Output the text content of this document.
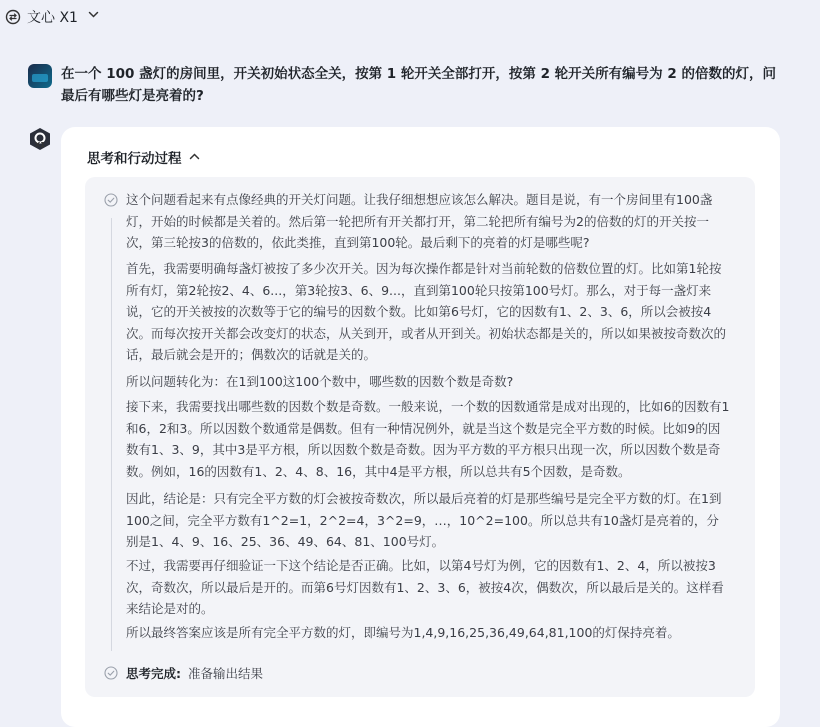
文心 X1
在一个 100 盏灯的房间里，开关初始状态全关，按第 1 轮开关全部打开，按第 2 轮开关所有编号为 2 的倍数的灯，问最后有哪些灯是亮着的?
X1
思考和行动过程

这个问题看起来有点像经典的开关灯问题。让我仔细想想应该怎么解决。题目是说，有一个房间里有100盏灯，开始的时候都是关着的。然后第一轮把所有开关都打开，第二轮把所有编号为2的倍数的灯的开关按一次，第三轮按3的倍数的，依此类推，直到第100轮。最后剩下的亮着的灯是哪些呢?

首先，我需要明确每盏灯被按了多少次开关。因为每次操作都是针对当前轮数的倍数位置的灯。比如第1轮按所有灯，第2轮按2、4、6...，第3轮按3、6、9...，直到第100轮只按第100号灯。那么，对于每一盏灯来说，它的开关被按的次数等于它的编号的因数个数。比如第6号灯，它的因数有1、2、3、6，所以会被按4次。而每次按开关都会改变灯的状态，从关到开，或者从开到关。初始状态都是关的，所以如果被按奇数次的话，最后就会是开的；偶数次的话就是关的。

所以问题转化为：在1到100这100个数中，哪些数的因数个数是奇数?

接下来，我需要找出哪些数的因数个数是奇数。一般来说，一个数的因数通常是成对出现的，比如6的因数有1和6，2和3。所以因数个数通常是偶数。但有一种情况例外，就是当这个数是完全平方数的时候。比如9的因数有1、3、9，其中3是平方根，所以因数个数是奇数。因为平方数的平方根只出现一次，所以因数个数是奇数。例如，16的因数有1、2、4、8、16，其中4是平方根，所以总共有5个因数，是奇数。

因此，结论是：只有完全平方数的灯会被按奇数次，所以最后亮着的灯是那些编号是完全平方数的灯。在1到100之间，完全平方数有1^2=1，2^2=4，3^2=9，…，10^2=100。所以总共有10盏灯是亮着的，分别是1、4、9、16、25、36、49、64、81、100号灯。

不过，我需要再仔细验证一下这个结论是否正确。比如，以第4号灯为例，它的因数有1、2、4，所以被按3次，奇数次，所以最后是开的。而第6号灯因数有1、2、3、6，被按4次，偶数次，所以最后是关的。这样看来结论是对的。

所以最终答案应该是所有完全平方数的灯，即编号为1,4,9,16,25,36,49,64,81,100的灯保持亮着。

思考完成: 准备输出结果
